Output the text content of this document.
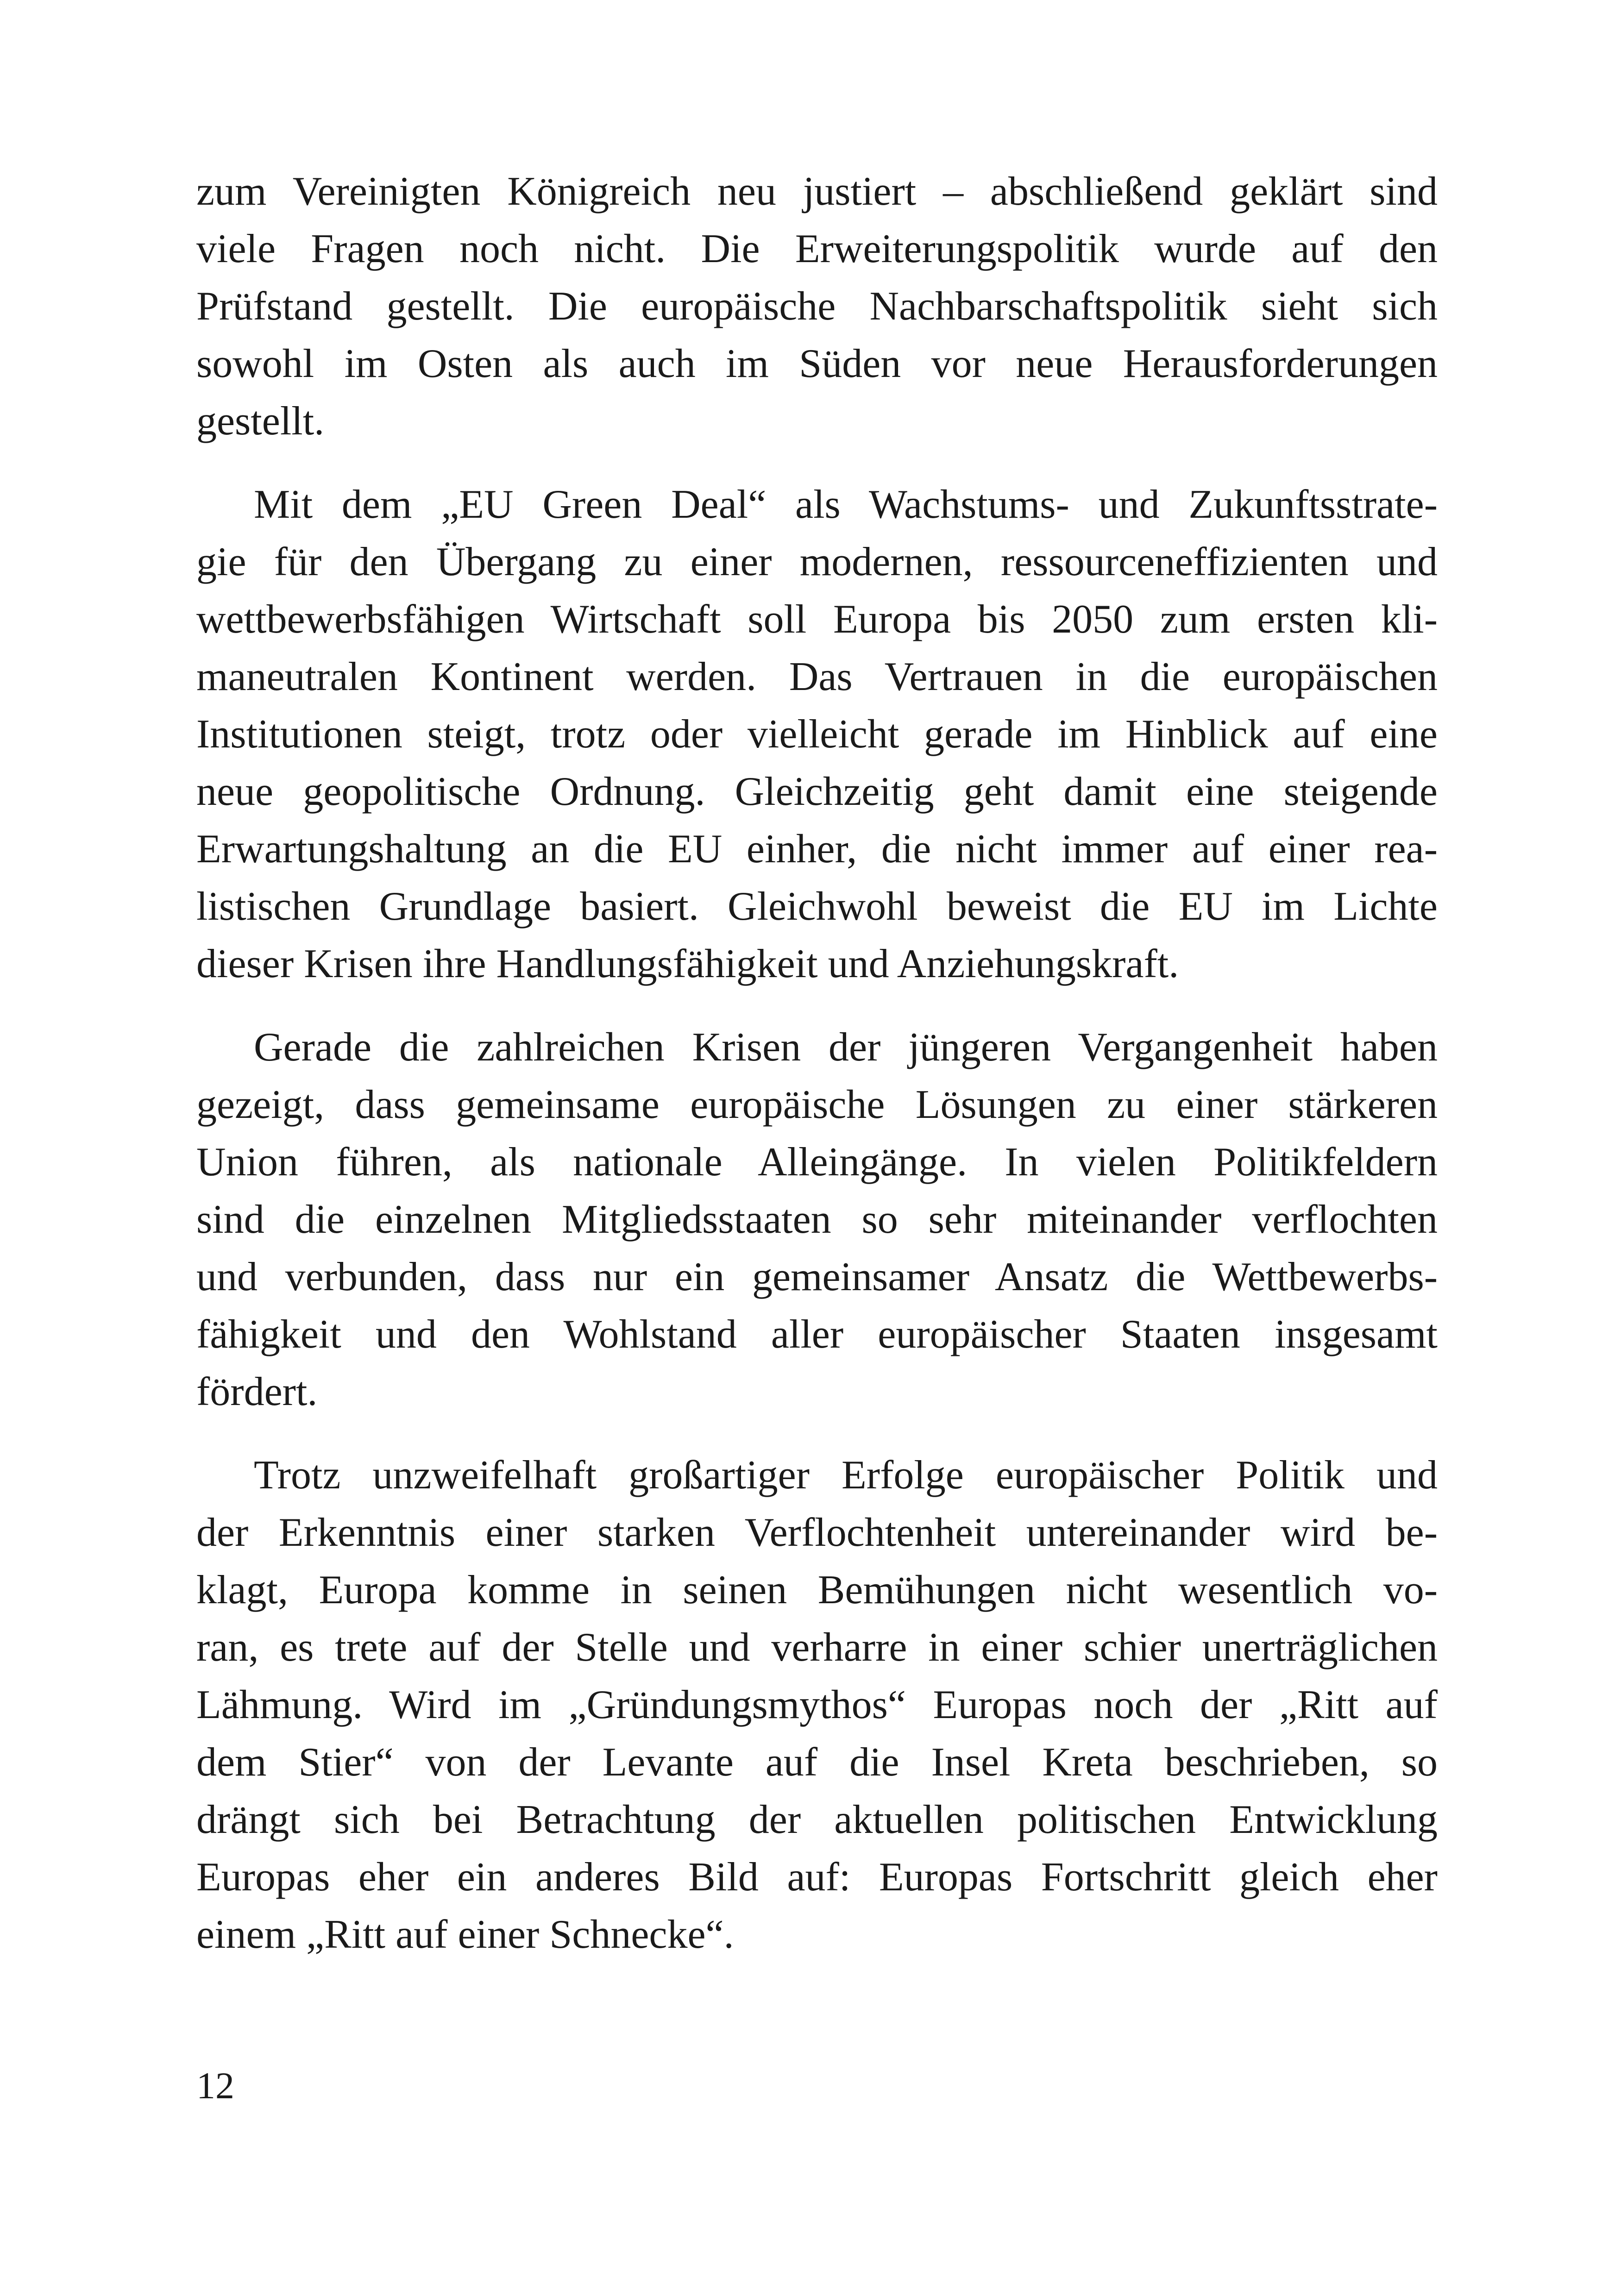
zum Vereinigten Königreich neu justiert – abschließend geklärt sind
viele Fragen noch nicht. Die Erweiterungspolitik wurde auf den
Prüfstand gestellt. Die europäische Nachbarschaftspolitik sieht sich
sowohl im Osten als auch im Süden vor neue Herausforderungen
gestellt.
Mit dem „EU Green Deal“ als Wachstums- und Zukunftsstrate-
gie für den Übergang zu einer modernen, ressourceneffizienten und
wettbewerbsfähigen Wirtschaft soll Europa bis 2050 zum ersten kli-
maneutralen Kontinent werden. Das Vertrauen in die europäischen
Institutionen steigt, trotz oder vielleicht gerade im Hinblick auf eine
neue geopolitische Ordnung. Gleichzeitig geht damit eine steigende
Erwartungshaltung an die EU einher, die nicht immer auf einer rea-
listischen Grundlage basiert. Gleichwohl beweist die EU im Lichte
dieser Krisen ihre Handlungsfähigkeit und Anziehungskraft.
Gerade die zahlreichen Krisen der jüngeren Vergangenheit haben
gezeigt, dass gemeinsame europäische Lösungen zu einer stärkeren
Union führen, als nationale Alleingänge. In vielen Politikfeldern
sind die einzelnen Mitgliedsstaaten so sehr miteinander verflochten
und verbunden, dass nur ein gemeinsamer Ansatz die Wettbewerbs-
fähigkeit und den Wohlstand aller europäischer Staaten insgesamt
fördert.
Trotz unzweifelhaft großartiger Erfolge europäischer Politik und
der Erkenntnis einer starken Verflochtenheit untereinander wird be-
klagt, Europa komme in seinen Bemühungen nicht wesentlich vo-
ran, es trete auf der Stelle und verharre in einer schier unerträglichen
Lähmung. Wird im „Gründungsmythos“ Europas noch der „Ritt auf
dem Stier“ von der Levante auf die Insel Kreta beschrieben, so
drängt sich bei Betrachtung der aktuellen politischen Entwicklung
Europas eher ein anderes Bild auf: Europas Fortschritt gleich eher
einem „Ritt auf einer Schnecke“.
12
